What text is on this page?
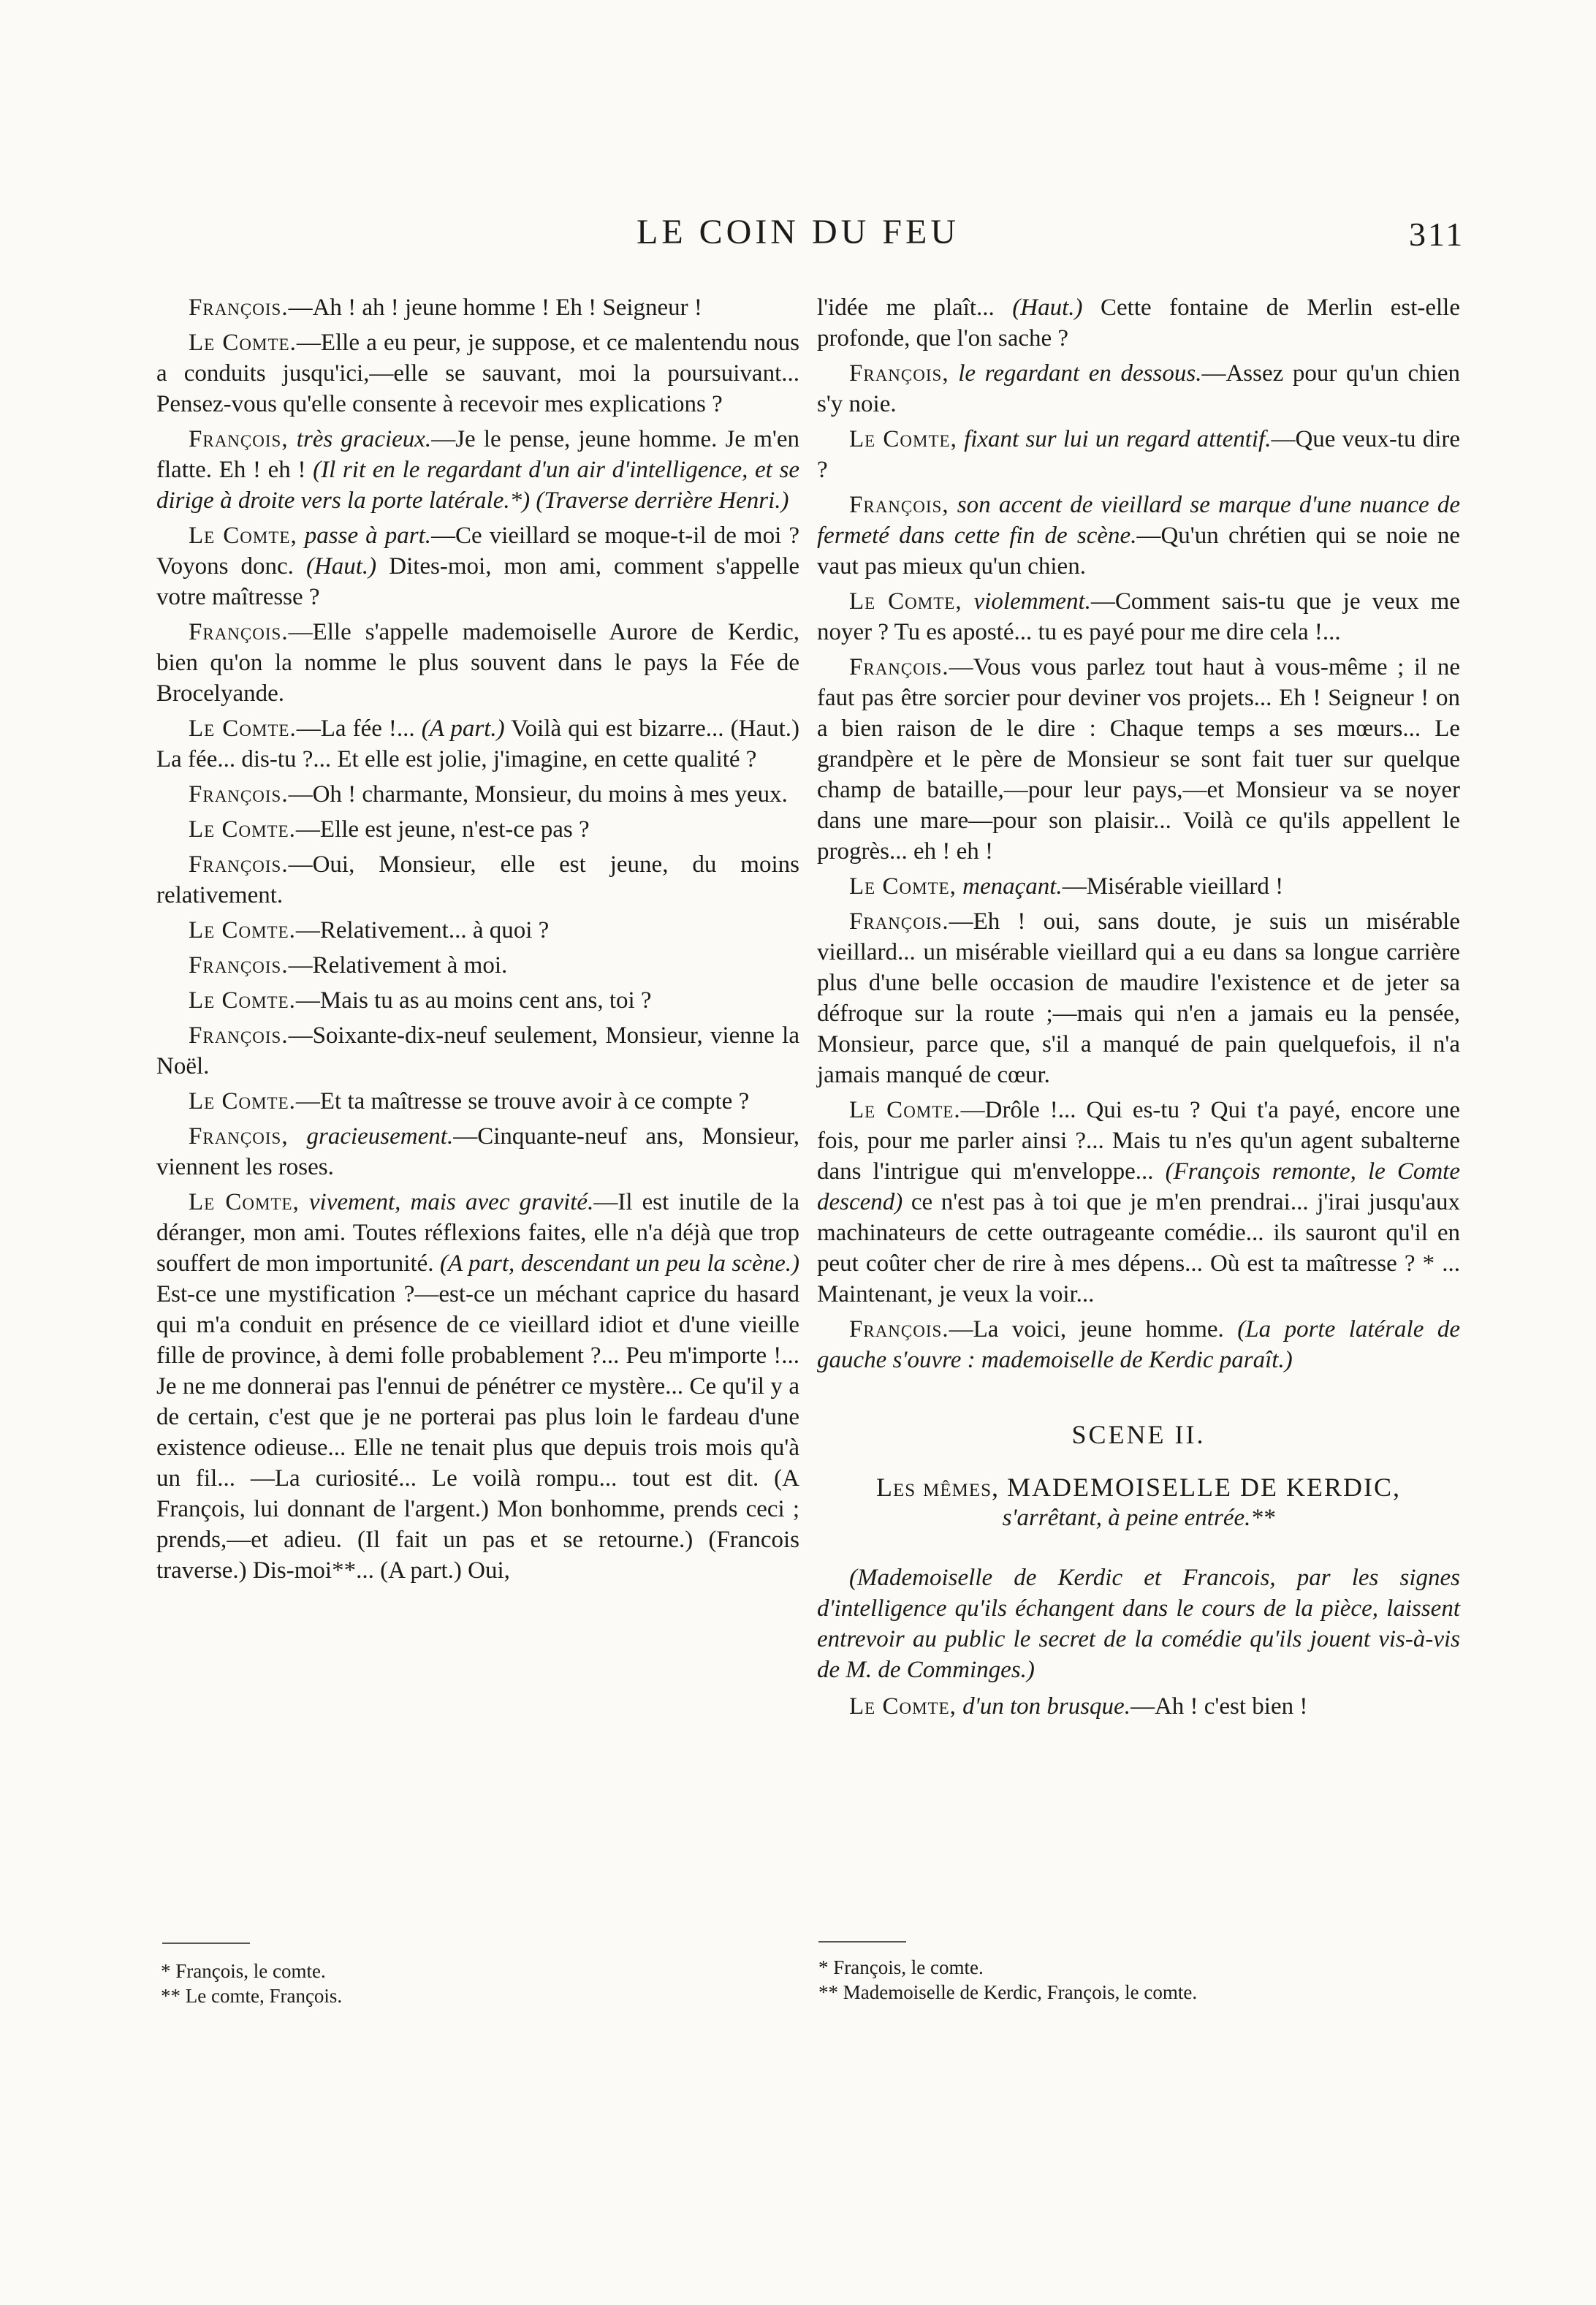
LE COIN DU FEU	311

François.—Ah ! ah ! jeune homme ! Eh ! Seigneur !

Le Comte.—Elle a eu peur, je suppose, et ce malentendu nous a conduits jusqu'ici,—elle se sauvant, moi la poursuivant... Pensez-vous qu'elle consente à recevoir mes explications ?

François, très gracieux.—Je le pense, jeune homme. Je m'en flatte. Eh ! eh ! (Il rit en le regardant d'un air d'intelligence, et se dirige à droite vers la porte latérale.*) (Traverse derrière Henri.)

Le Comte, passe à part.—Ce vieillard se moque-t-il de moi ? Voyons donc. (Haut.) Dites-moi, mon ami, comment s'appelle votre maîtresse ?

François.—Elle s'appelle mademoiselle Aurore de Kerdic, bien qu'on la nomme le plus souvent dans le pays la Fée de Brocelyande.

Le Comte.—La fée !... (A part.) Voilà qui est bizarre... (Haut.) La fée... dis-tu ?... Et elle est jolie, j'imagine, en cette qualité ?

François.—Oh ! charmante, Monsieur, du moins à mes yeux.

Le Comte.—Elle est jeune, n'est-ce pas ?

François.—Oui, Monsieur, elle est jeune, du moins relativement.

Le Comte.—Relativement... à quoi ?

François.—Relativement à moi.

Le Comte.—Mais tu as au moins cent ans, toi ?

François.—Soixante-dix-neuf seulement, Monsieur, vienne la Noël.

Le Comte.—Et ta maîtresse se trouve avoir à ce compte ?

François, gracieusement.—Cinquante-neuf ans, Monsieur, viennent les roses.

Le Comte, vivement, mais avec gravité.—Il est inutile de la déranger, mon ami. Toutes réflexions faites, elle n'a déjà que trop souffert de mon importunité. (A part, descendant un peu la scène.) Est-ce une mystification ?—est-ce un méchant caprice du hasard qui m'a conduit en présence de ce vieillard idiot et d'une vieille fille de province, à demi folle probablement ?... Peu m'importe !... Je ne me donnerai pas l'ennui de pénétrer ce mystère... Ce qu'il y a de certain, c'est que je ne porterai pas plus loin le fardeau d'une existence odieuse... Elle ne tenait plus que depuis trois mois qu'à un fil... —La curiosité... Le voilà rompu... tout est dit. (A François, lui donnant de l'argent.) Mon bonhomme, prends ceci ; prends,—et adieu. (Il fait un pas et se retourne.) (Francois traverse.) Dis-moi**... (A part.) Oui,

l'idée me plaît... (Haut.) Cette fontaine de Merlin est-elle profonde, que l'on sache ?

François, le regardant en dessous.—Assez pour qu'un chien s'y noie.

Le Comte, fixant sur lui un regard attentif.—Que veux-tu dire ?

François, son accent de vieillard se marque d'une nuance de fermeté dans cette fin de scène.—Qu'un chrétien qui se noie ne vaut pas mieux qu'un chien.

Le Comte, violemment.—Comment sais-tu que je veux me noyer ? Tu es aposté... tu es payé pour me dire cela !...

François.—Vous vous parlez tout haut à vous-même ; il ne faut pas être sorcier pour deviner vos projets... Eh ! Seigneur ! on a bien raison de le dire : Chaque temps a ses mœurs... Le grandpère et le père de Monsieur se sont fait tuer sur quelque champ de bataille,—pour leur pays,—et Monsieur va se noyer dans une mare—pour son plaisir... Voilà ce qu'ils appellent le progrès... eh ! eh !

Le Comte, menaçant.—Misérable vieillard !

François.—Eh ! oui, sans doute, je suis un misérable vieillard... un misérable vieillard qui a eu dans sa longue carrière plus d'une belle occasion de maudire l'existence et de jeter sa défroque sur la route ;—mais qui n'en a jamais eu la pensée, Monsieur, parce que, s'il a manqué de pain quelquefois, il n'a jamais manqué de cœur.

Le Comte.—Drôle !... Qui es-tu ? Qui t'a payé, encore une fois, pour me parler ainsi ?... Mais tu n'es qu'un agent subalterne dans l'intrigue qui m'enveloppe... (François remonte, le Comte descend) ce n'est pas à toi que je m'en prendrai... j'irai jusqu'aux machinateurs de cette outrageante comédie... ils sauront qu'il en peut coûter cher de rire à mes dépens... Où est ta maîtresse ? * ... Maintenant, je veux la voir...

François.—La voici, jeune homme. (La porte latérale de gauche s'ouvre : mademoiselle de Kerdic paraît.)

SCENE II.

Les mêmes, MADEMOISELLE DE KERDIC,

s'arrêtant, à peine entrée.**

(Mademoiselle de Kerdic et Francois, par les signes d'intelligence qu'ils échangent dans le cours de la pièce, laissent entrevoir au public le secret de la comédie qu'ils jouent vis-à-vis de M. de Comminges.)

Le Comte, d'un ton brusque.—Ah ! c'est bien !

* François, le comte.

** Le comte, François.

* François, le comte.

** Mademoiselle de Kerdic, François, le comte.
